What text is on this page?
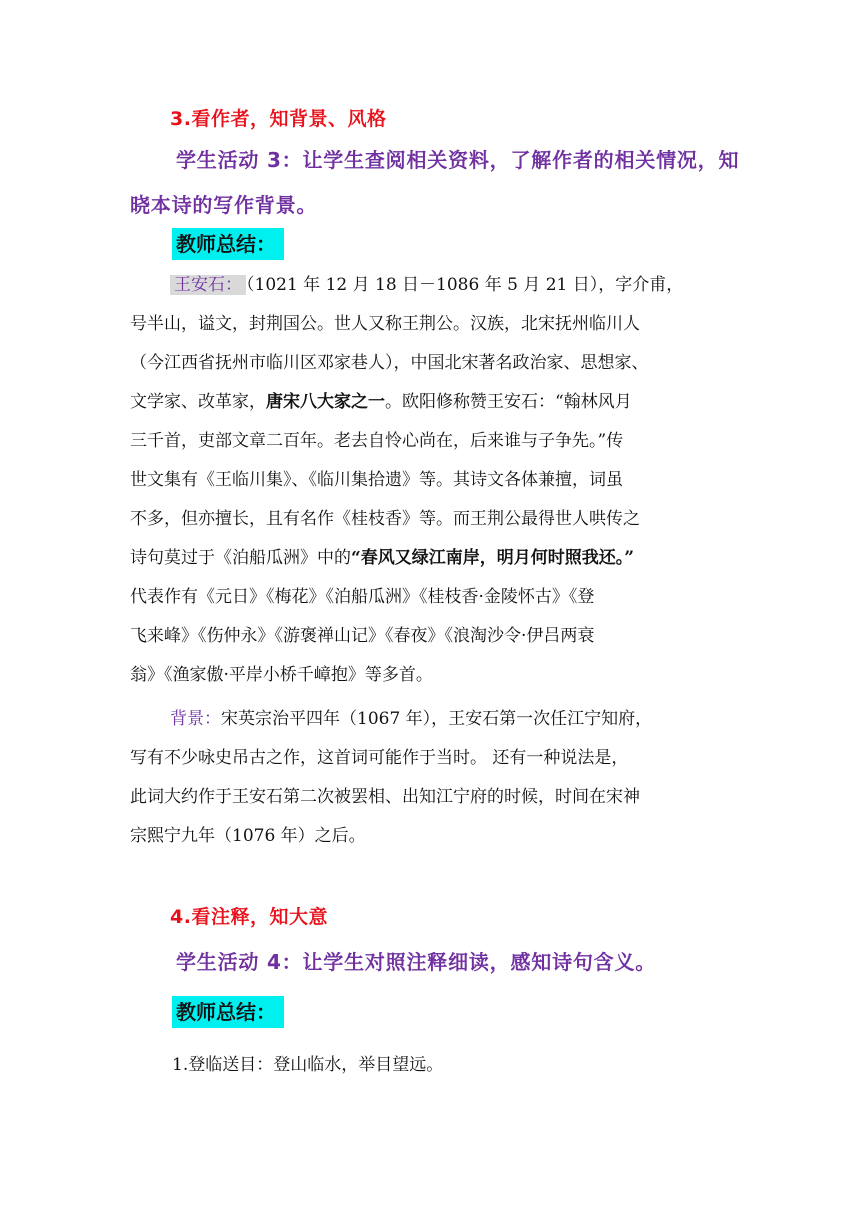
3.看作者，知背景、风格
学生活动 3：让学生查阅相关资料，了解作者的相关情况，知
晓本诗的写作背景。
教师总结：
王安石： （1021 年 12 月 18 日－1086 年 5 月 21 日），字介甫，
号半山，谥文，封荆国公。世人又称王荆公。汉族，北宋抚州临川人
（今江西省抚州市临川区邓家巷人），中国北宋著名政治家、思想家、
文学家、改革家，唐宋八大家之一。欧阳修称赞王安石：“翰林风月
三千首，吏部文章二百年。老去自怜心尚在，后来谁与子争先。”传
世文集有《王临川集》、《临川集拾遗》等。其诗文各体兼擅，词虽
不多，但亦擅长，且有名作《桂枝香》等。而王荆公最得世人哄传之
诗句莫过于《泊船瓜洲》中的“春风又绿江南岸，明月何时照我还。”
代表作有《元日》《梅花》《泊船瓜洲》《桂枝香·金陵怀古》《登
飞来峰》《伤仲永》《游褒禅山记》《春夜》《浪淘沙令·伊吕两衰
翁》《渔家傲·平岸小桥千嶂抱》等多首。
背景：宋英宗治平四年（1067 年），王安石第一次任江宁知府，
写有不少咏史吊古之作，这首词可能作于当时。 还有一种说法是，
此词大约作于王安石第二次被罢相、出知江宁府的时候，时间在宋神
宗熙宁九年（1076 年）之后。
4.看注释，知大意
学生活动 4：让学生对照注释细读，感知诗句含义。
教师总结：
1.登临送目：登山临水，举目望远。
